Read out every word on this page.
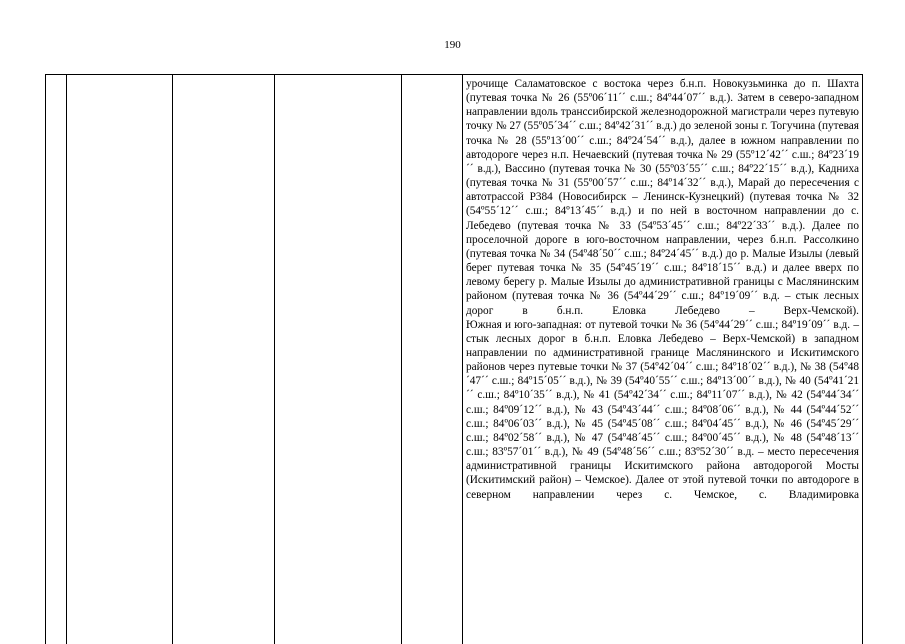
190

урочище Саламатовское с востока через б.н.п. Новокузьминка до п. Шахта (путевая точка № 26 (55º06´11´´ с.ш.; 84º44´07´´ в.д.). Затем в северо-западном направлении вдоль транссибирской железнодорожной магистрали через путевую точку № 27 (55º05´34´´ с.ш.; 84º42´31´´ в.д.) до зеленой зоны г. Тогучина (путевая точка № 28 (55º13´00´´ с.ш.; 84º24´54´´ в.д.), далее в южном направлении по автодороге через н.п. Нечаевский (путевая точка № 29 (55º12´42´´ с.ш.; 84º23´19´´ в.д.), Вассино (путевая точка № 30 (55º03´55´´ с.ш.; 84º22´15´´ в.д.), Кадниха (путевая точка № 31 (55º00´57´´ с.ш.; 84º14´32´´ в.д.), Марай до пересечения с автотрассой Р384 (Новосибирск – Ленинск-Кузнецкий) (путевая точка № 32 (54º55´12´´ с.ш.; 84º13´45´´ в.д.) и по ней в восточном направлении до с. Лебедево (путевая точка № 33 (54º53´45´´ с.ш.; 84º22´33´´ в.д.). Далее по проселочной дороге в юго-восточном направлении, через б.н.п. Рассолкино (путевая точка № 34 (54º48´50´´ с.ш.; 84º24´45´´ в.д.) до р. Малые Изылы (левый берег путевая точка № 35 (54º45´19´´ с.ш.; 84º18´15´´ в.д.) и далее вверх по левому берегу р. Малые Изылы до административной границы с Маслянинским районом (путевая точка № 36 (54º44´29´´ с.ш.; 84º19´09´´ в.д. – стык лесных дорог в б.н.п. Еловка Лебедево – Верх-Чемской).

Южная и юго-западная: от путевой точки № 36 (54º44´29´´ с.ш.; 84º19´09´´ в.д. – стык лесных дорог в б.н.п. Еловка Лебедево – Верх-Чемской) в западном направлении по административной границе Маслянинского и Искитимского районов через путевые точки № 37 (54º42´04´´ с.ш.; 84º18´02´´ в.д.), № 38 (54º48´47´´ с.ш.; 84º15´05´´ в.д.), № 39 (54º40´55´´ с.ш.; 84º13´00´´ в.д.), № 40 (54º41´21´´ с.ш.; 84º10´35´´ в.д.), № 41 (54º42´34´´ с.ш.; 84º11´07´´ в.д.), № 42 (54º44´34´´ с.ш.; 84º09´12´´ в.д.), № 43 (54º43´44´´ с.ш.; 84º08´06´´ в.д.), № 44 (54º44´52´´ с.ш.; 84º06´03´´ в.д.), № 45 (54º45´08´´ с.ш.; 84º04´45´´ в.д.), № 46 (54º45´29´´ с.ш.; 84º02´58´´ в.д.), № 47 (54º48´45´´ с.ш.; 84º00´45´´ в.д.), № 48 (54º48´13´´ с.ш.; 83º57´01´´ в.д.), № 49 (54º48´56´´ с.ш.; 83º52´30´´ в.д. – место пересечения административной границы Искитимского района автодорогой Мосты (Искитимский район) – Чемское). Далее от этой путевой точки по автодороге в северном направлении через с. Чемское, с. Владимировка
